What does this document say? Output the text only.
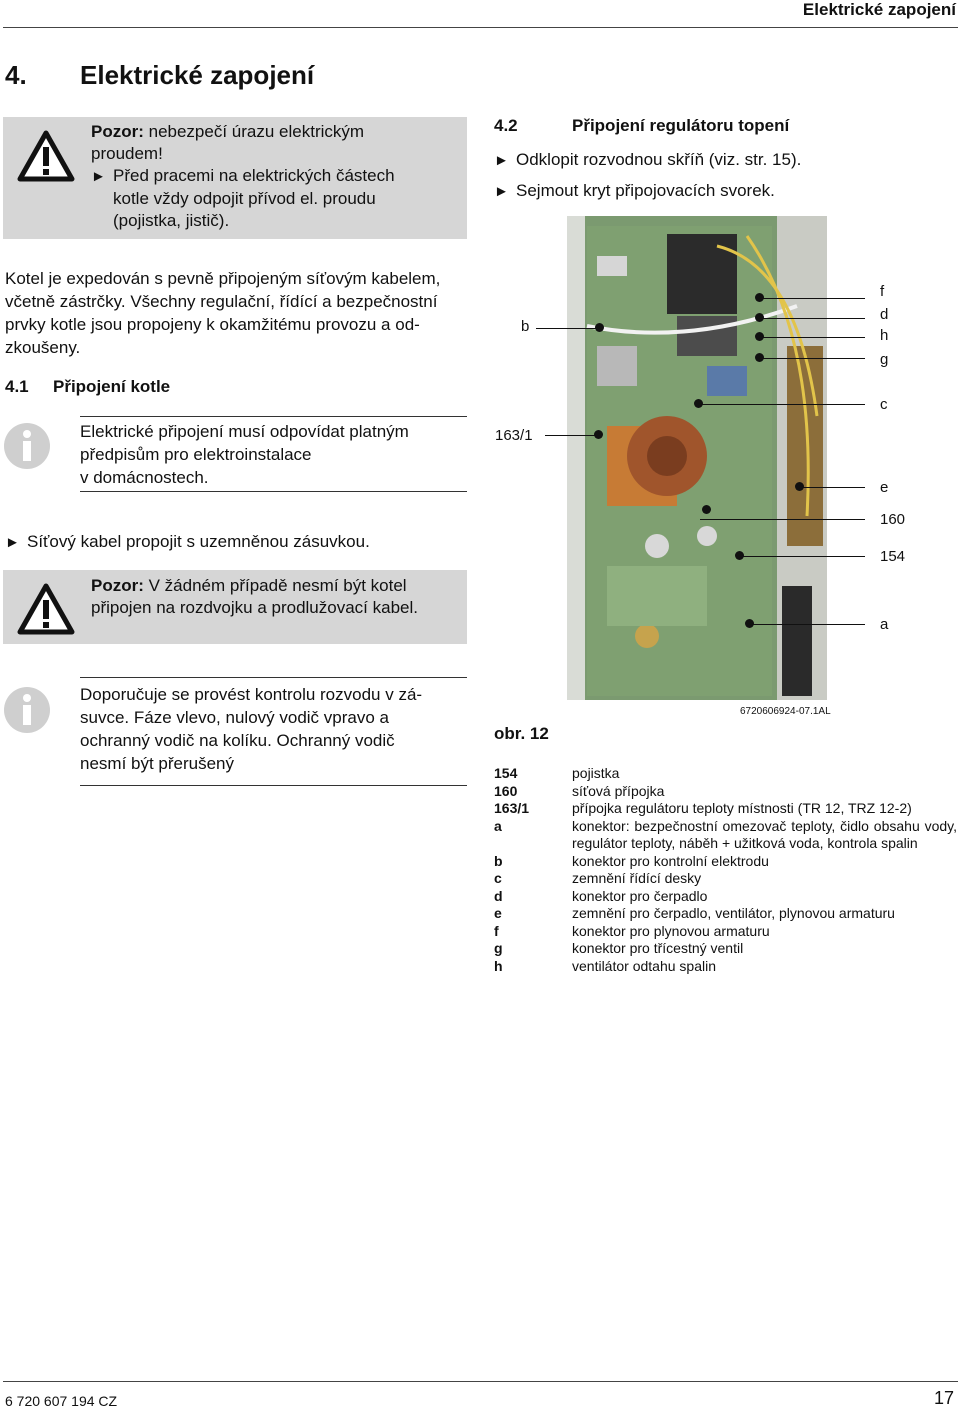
Elektrické zapojení
4. Elektrické zapojení
Pozor: nebezpečí úrazu elektrickým
proudem!
► Před pracemi na elektrických částech
kotle vždy odpojit přívod el. proudu
(pojistka, jistič).
Kotel je expedován s pevně připojeným síťovým kabelem,
včetně zástrčky. Všechny regulační, řídící a bezpečnostní
prvky kotle jsou propojeny k okamžitému provozu a od-
zkoušeny.
4.1 Připojení kotle
Elektrické připojení musí odpovídat platným
předpisům pro elektroinstalace
v domácnostech.
► Síťový kabel propojit s uzemněnou zásuvkou.
Pozor: V žádném případě nesmí být kotel
připojen na rozdvojku a prodlužovací kabel.
Doporučuje se provést kontrolu rozvodu v zá-
suvce. Fáze vlevo, nulový vodič vpravo a
ochranný vodič na kolíku. Ochranný vodič
nesmí být přerušený
4.2	Připojení regulátoru topení
► Odklopit rozvodnou skříň (viz. str. 15).
► Sejmout kryt připojovacích svorek.
b
163/1
f
d
h
g
c
e
160
154
a
6720606924-07.1AL
obr. 12
154	pojistka
160	síťová přípojka
163/1	přípojka regulátoru teploty místnosti (TR 12, TRZ 12-2)
a	konektor: bezpečnostní omezovač teploty, čidlo obsahu vody, regulátor teploty, náběh + užitková voda, kontrola spalin
b	konektor pro kontrolní elektrodu
c	zemnění řídící desky
d	konektor pro čerpadlo
e	zemnění pro čerpadlo, ventilátor, plynovou armaturu
f	konektor pro plynovou armaturu
g	konektor pro třícestný ventil
h	ventilátor odtahu spalin
6 720 607 194 CZ	17
